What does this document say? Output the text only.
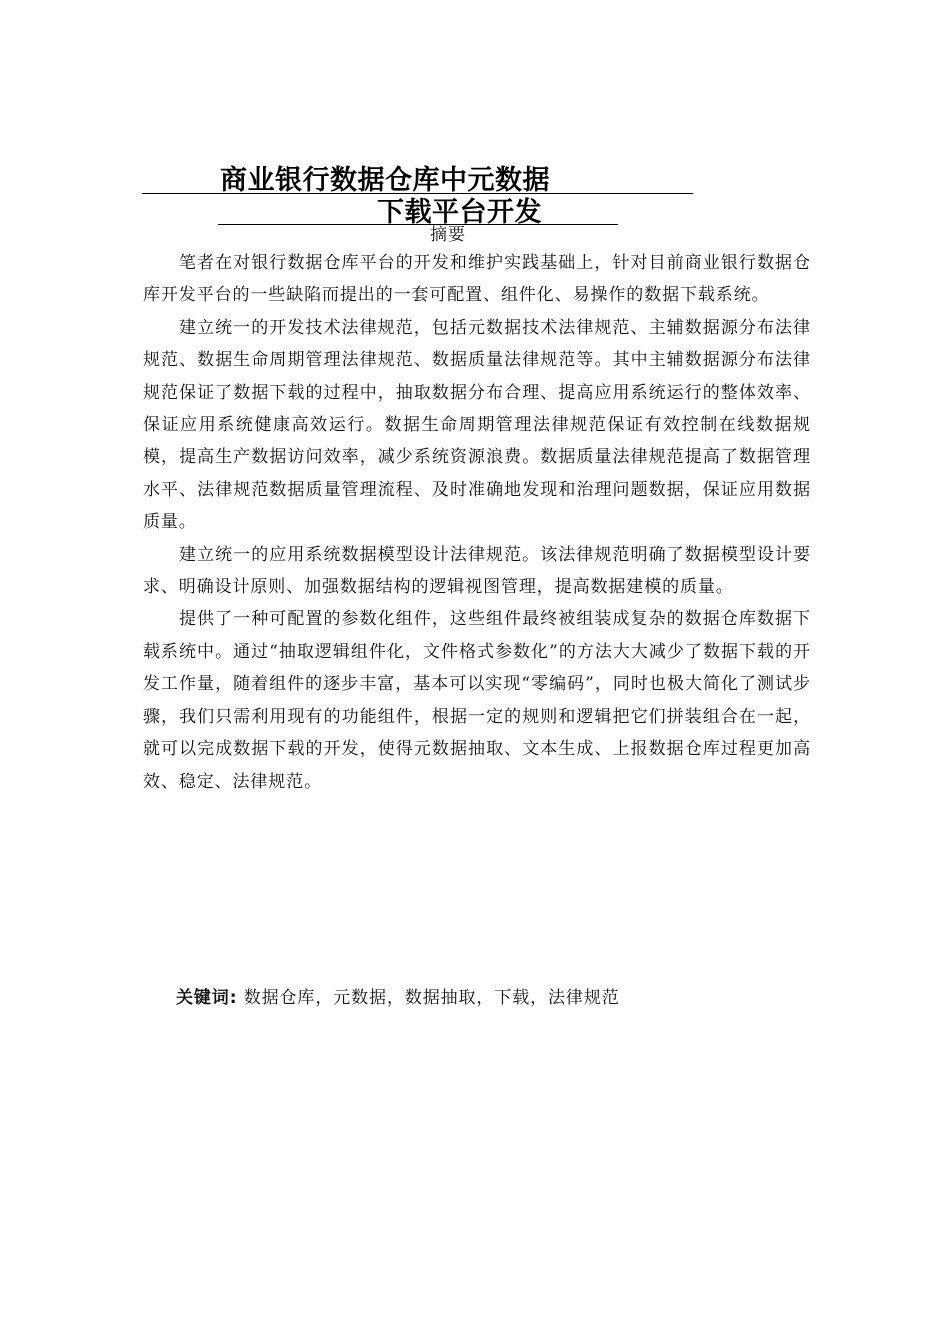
商业银行数据仓库中元数据
下载平台开发
摘要

笔者在对银行数据仓库平台的开发和维护实践基础上，针对目前商业银行数据仓库开发平台的一些缺陷而提出的一套可配置、组件化、易操作的数据下载系统。

建立统一的开发技术法律规范，包括元数据技术法律规范、主辅数据源分布法律规范、数据生命周期管理法律规范、数据质量法律规范等。其中主辅数据源分布法律规范保证了数据下载的过程中，抽取数据分布合理、提高应用系统运行的整体效率、保证应用系统健康高效运行。数据生命周期管理法律规范保证有效控制在线数据规模，提高生产数据访问效率，减少系统资源浪费。数据质量法律规范提高了数据管理水平、法律规范数据质量管理流程、及时准确地发现和治理问题数据，保证应用数据质量。

建立统一的应用系统数据模型设计法律规范。该法律规范明确了数据模型设计要求、明确设计原则、加强数据结构的逻辑视图管理，提高数据建模的质量。

提供了一种可配置的参数化组件，这些组件最终被组装成复杂的数据仓库数据下载系统中。通过“抽取逻辑组件化，文件格式参数化”的方法大大减少了数据下载的开发工作量，随着组件的逐步丰富，基本可以实现“零编码”，同时也极大简化了测试步骤，我们只需利用现有的功能组件，根据一定的规则和逻辑把它们拼装组合在一起，就可以完成数据下载的开发，使得元数据抽取、文本生成、上报数据仓库过程更加高效、稳定、法律规范。

关键词: 数据仓库，元数据，数据抽取，下载，法律规范
